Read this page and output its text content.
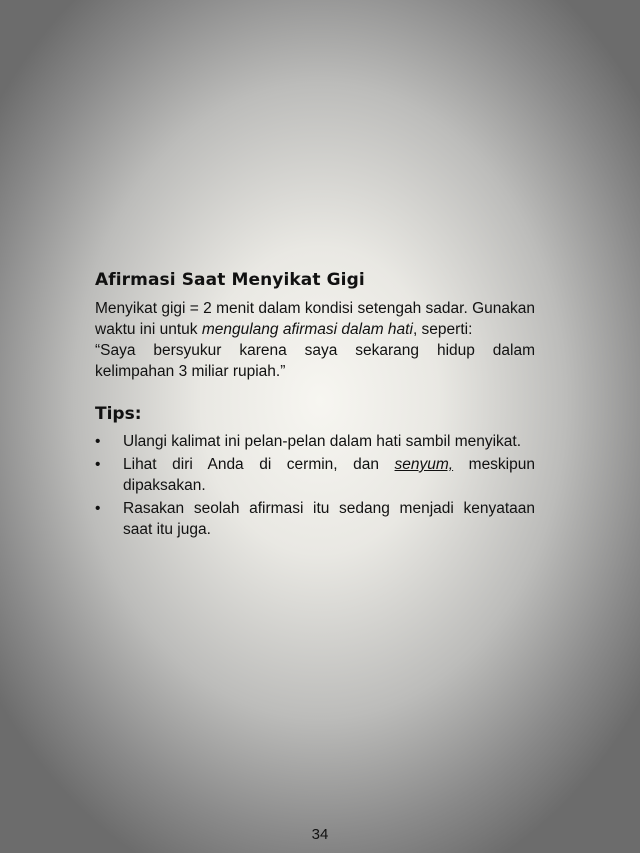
Afirmasi Saat Menyikat Gigi

Menyikat gigi = 2 menit dalam kondisi setengah sadar. Gunakan waktu ini untuk mengulang afirmasi dalam hati, seperti:

“Saya bersyukur karena saya sekarang hidup dalam kelimpahan 3 miliar rupiah.”

Tips:
• Ulangi kalimat ini pelan-pelan dalam hati sambil menyikat.
• Lihat diri Anda di cermin, dan senyum, meskipun dipaksakan.
• Rasakan seolah afirmasi itu sedang menjadi kenyataan saat itu juga.
34
